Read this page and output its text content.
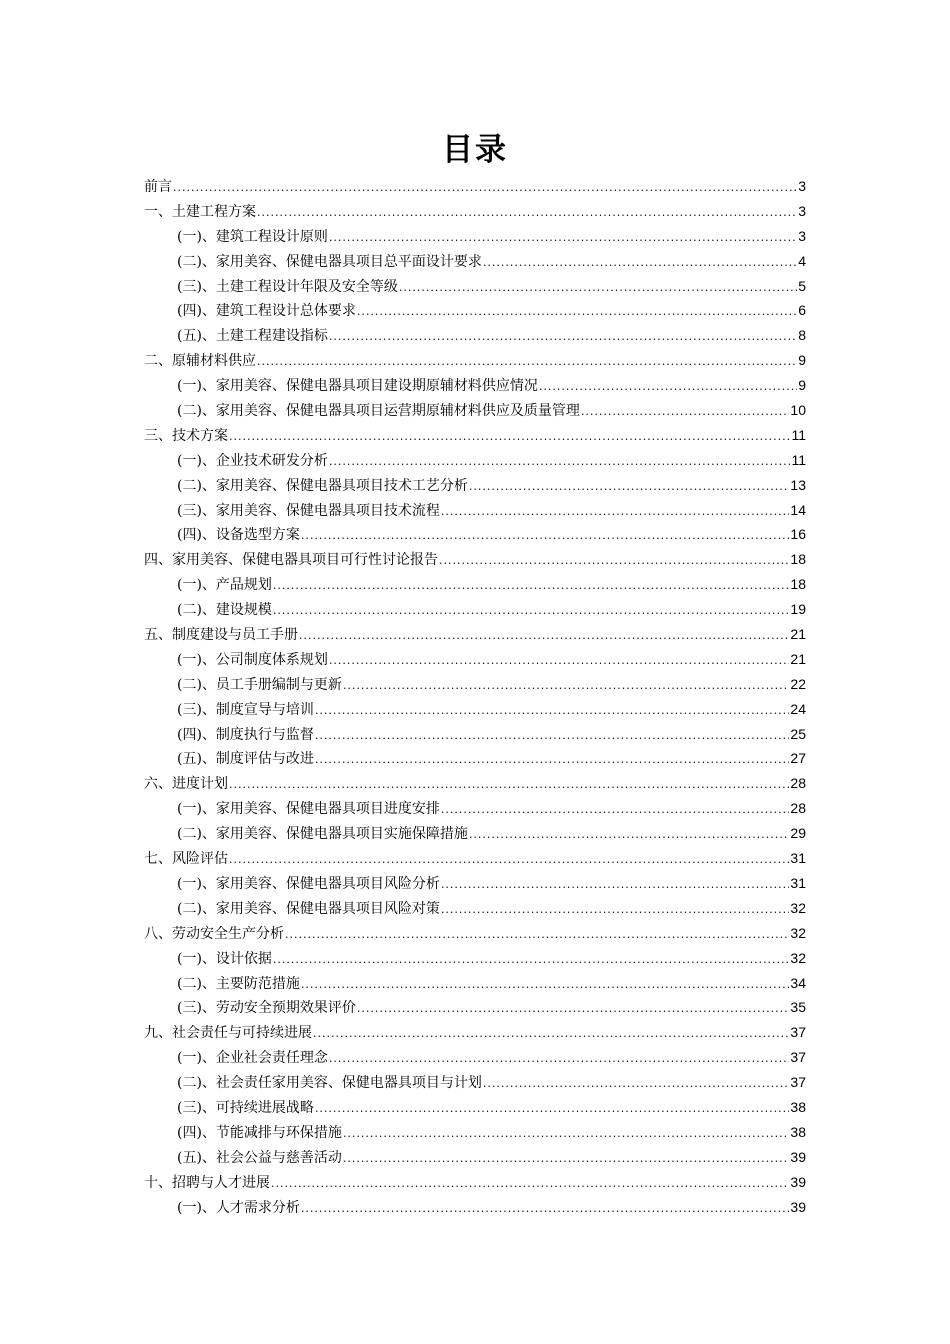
目录
前言 .....	3
一、土建工程方案 .....	3
(一)、建筑工程设计原则 .....	3
(二)、家用美容、保健电器具项目总平面设计要求 .....	4
(三)、土建工程设计年限及安全等级 .....	5
(四)、建筑工程设计总体要求 .....	6
(五)、土建工程建设指标 .....	8
二、原辅材料供应 .....	9
(一)、家用美容、保健电器具项目建设期原辅材料供应情况 .....	9
(二)、家用美容、保健电器具项目运营期原辅材料供应及质量管理 .....	10
三、技术方案 .....	11
(一)、企业技术研发分析 .....	11
(二)、家用美容、保健电器具项目技术工艺分析 .....	13
(三)、家用美容、保健电器具项目技术流程 .....	14
(四)、设备选型方案 .....	16
四、家用美容、保健电器具项目可行性讨论报告 .....	18
(一)、产品规划 .....	18
(二)、建设规模 .....	19
五、制度建设与员工手册 .....	21
(一)、公司制度体系规划 .....	21
(二)、员工手册编制与更新 .....	22
(三)、制度宣导与培训 .....	24
(四)、制度执行与监督 .....	25
(五)、制度评估与改进 .....	27
六、进度计划 .....	28
(一)、家用美容、保健电器具项目进度安排 .....	28
(二)、家用美容、保健电器具项目实施保障措施 .....	29
七、风险评估 .....	31
(一)、家用美容、保健电器具项目风险分析 .....	31
(二)、家用美容、保健电器具项目风险对策 .....	32
八、劳动安全生产分析 .....	32
(一)、设计依据 .....	32
(二)、主要防范措施 .....	34
(三)、劳动安全预期效果评价 .....	35
九、社会责任与可持续进展 .....	37
(一)、企业社会责任理念 .....	37
(二)、社会责任家用美容、保健电器具项目与计划 .....	37
(三)、可持续进展战略 .....	38
(四)、节能减排与环保措施 .....	38
(五)、社会公益与慈善活动 .....	39
十、招聘与人才进展 .....	39
(一)、人才需求分析 .....	39
